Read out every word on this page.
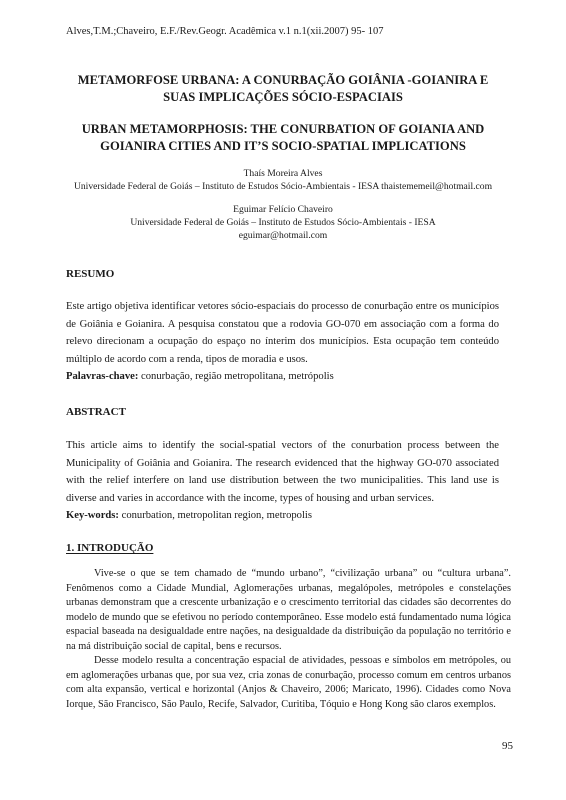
Alves,T.M.;Chaveiro, E.F./Rev.Geogr. Acadêmica v.1 n.1(xii.2007) 95- 107
METAMORFOSE URBANA: A CONURBAÇÃO GOIÂNIA -GOIANIRA E
SUAS IMPLICAÇÕES SÓCIO-ESPACIAIS
URBAN METAMORPHOSIS: THE CONURBATION OF GOIANIA AND
GOIANIRA CITIES AND IT’S SOCIO-SPATIAL IMPLICATIONS
Thaís Moreira Alves
Universidade Federal de Goiás – Instituto de Estudos Sócio-Ambientais - IESA thaistememeil@hotmail.com
Eguimar Felício Chaveiro
Universidade Federal de Goiás – Instituto de Estudos Sócio-Ambientais - IESA
eguimar@hotmail.com
RESUMO
Este artigo objetiva identificar vetores sócio-espaciais do processo de conurbação entre os municípios de Goiânia e Goianira. A pesquisa constatou que a rodovia GO-070 em associação com a forma do relevo direcionam a ocupação do espaço no ínterim dos municípios. Esta ocupação tem conteúdo múltiplo de acordo com a renda, tipos de moradia e usos.
Palavras-chave: conurbação, região metropolitana, metrópolis
ABSTRACT
This article aims to identify the social-spatial vectors of the conurbation process between the Municipality of Goiânia and Goianira. The research evidenced that the highway GO-070 associated with the relief interfere on land use distribution between the two municipalities. This land use is diverse and varies in accordance with the income, types of housing and urban services.
Key-words: conurbation, metropolitan region, metropolis
1. INTRODUÇÃO
Vive-se o que se tem chamado de “mundo urbano”, “civilização urbana” ou “cultura urbana”. Fenômenos como a Cidade Mundial, Aglomerações urbanas, megalópoles, metrópoles e constelações urbanas demonstram que a crescente urbanização e o crescimento territorial das cidades são decorrentes do modelo de mundo que se efetivou no período contemporâneo. Esse modelo está fundamentado numa lógica espacial baseada na desigualdade entre nações, na desigualdade da distribuição da população no território e na má distribuição social de capital, bens e recursos.
Desse modelo resulta a concentração espacial de atividades, pessoas e símbolos em metrópoles, ou em aglomerações urbanas que, por sua vez, cria zonas de conurbação, processo comum em centros urbanos com alta expansão, vertical e horizontal (Anjos & Chaveiro, 2006; Maricato, 1996). Cidades como Nova Iorque, São Francisco, São Paulo, Recife, Salvador, Curitiba, Tóquio e Hong Kong são claros exemplos.
95
